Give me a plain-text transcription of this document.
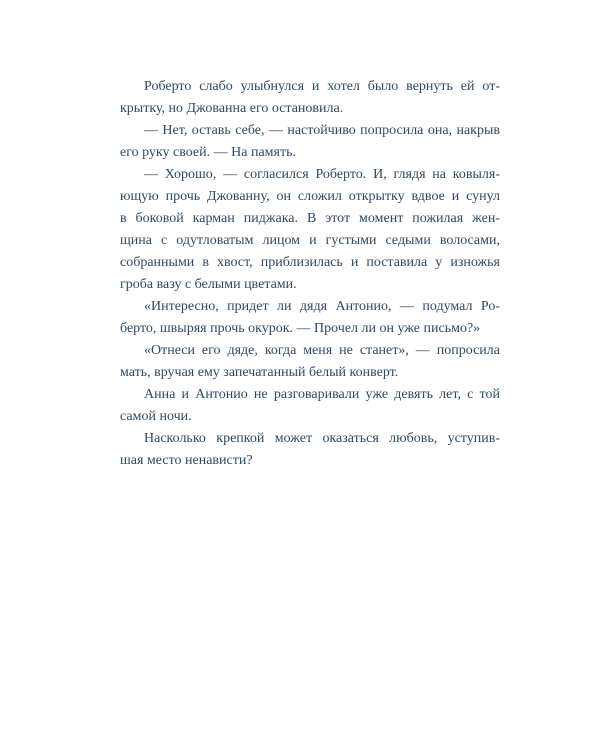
Роберто слабо улыбнулся и хотел было вернуть ей от-
крытку, но Джованна его остановила.
— Нет, оставь себе, — настойчиво попросила она, накрыв
его руку своей. — На память.
— Хорошо, — согласился Роберто. И, глядя на ковыля-
ющую прочь Джованну, он сложил открытку вдвое и сунул
в боковой карман пиджака. В этот момент пожилая жен-
щина с одутловатым лицом и густыми седыми волосами,
собранными в хвост, приблизилась и поставила у изножья
гроба вазу с белыми цветами.
«Интересно, придет ли дядя Антонио, — подумал Ро-
берто, швыряя прочь окурок. — Прочел ли он уже письмо?»
«Отнеси его дяде, когда меня не станет», — попросила
мать, вручая ему запечатанный белый конверт.
Анна и Антонио не разговаривали уже девять лет, с той
самой ночи.
Насколько крепкой может оказаться любовь, уступив-
шая место ненависти?
